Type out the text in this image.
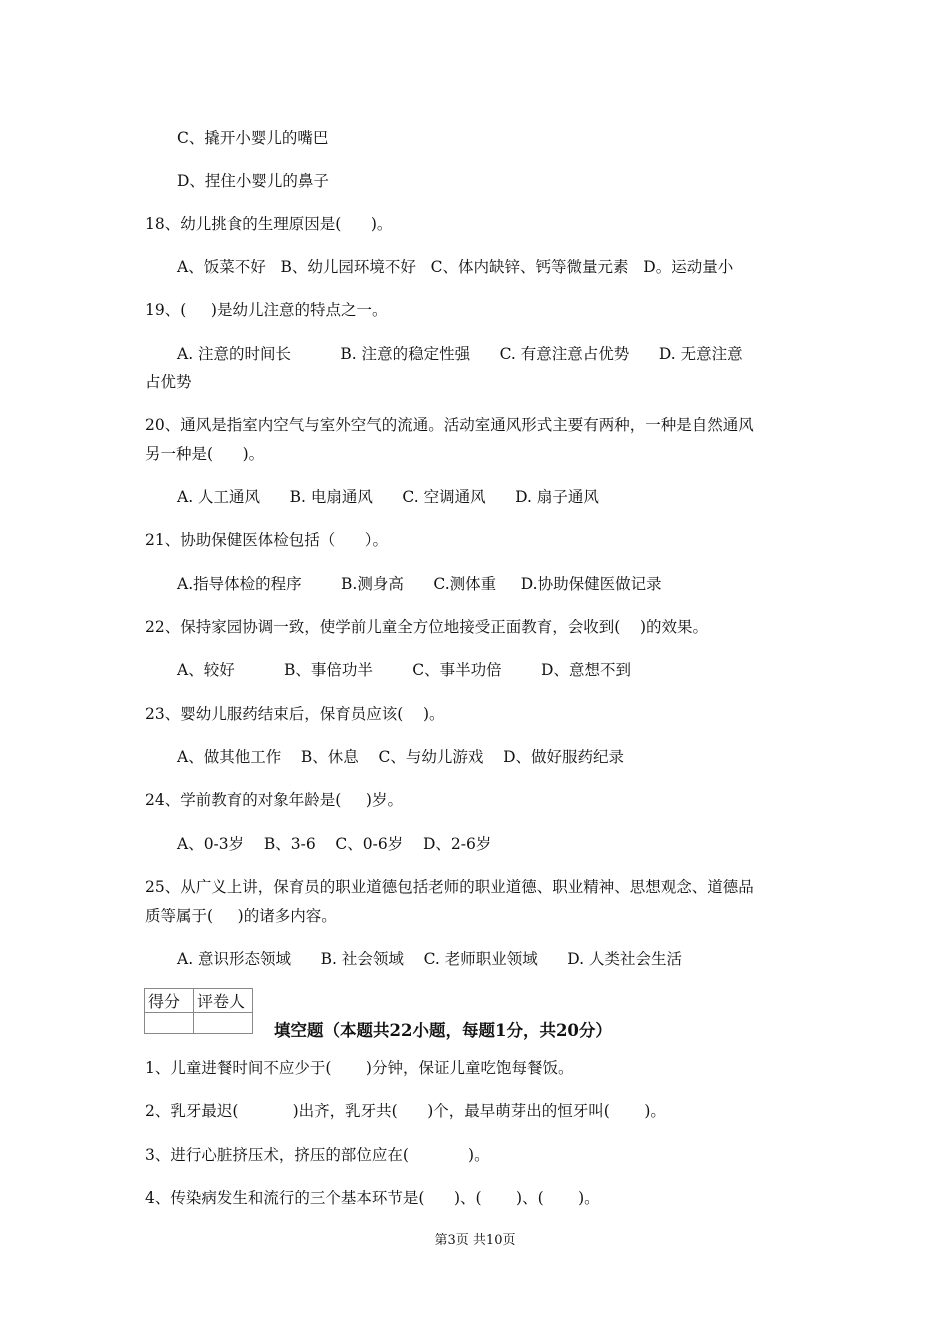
C、撬开小婴儿的嘴巴
D、捏住小婴儿的鼻子
18、幼儿挑食的生理原因是(      )。
A、饭菜不好   B、幼儿园环境不好   C、体内缺锌、钙等微量元素   D。运动量小
19、(     )是幼儿注意的特点之一。
A. 注意的时间长          B. 注意的稳定性强      C. 有意注意占优势      D. 无意注意
占优势
20、通风是指室内空气与室外空气的流通。活动室通风形式主要有两种，一种是自然通风
另一种是(      )。
A. 人工通风      B. 电扇通风      C. 空调通风      D. 扇子通风
21、协助保健医体检包括（      ）。
A.指导体检的程序        B.测身高      C.测体重     D.协助保健医做记录
22、保持家园协调一致，使学前儿童全方位地接受正面教育，会收到(    )的效果。
A、较好          B、事倍功半        C、事半功倍        D、意想不到
23、婴幼儿服药结束后，保育员应该(    )。
A、做其他工作    B、休息    C、与幼儿游戏    D、做好服药纪录
24、学前教育的对象年龄是(     )岁。
A、0-3岁    B、3-6    C、0-6岁    D、2-6岁
25、从广义上讲，保育员的职业道德包括老师的职业道德、职业精神、思想观念、道德品
质等属于(     )的诸多内容。
A. 意识形态领域      B. 社会领域    C. 老师职业领域      D. 人类社会生活
1、儿童进餐时间不应少于(       )分钟，保证儿童吃饱每餐饭。
2、乳牙最迟(           )出齐，乳牙共(      )个，最早萌芽出的恒牙叫(       )。
3、进行心脏挤压术，挤压的部位应在(            )。
4、传染病发生和流行的三个基本环节是(      )、(       )、(       )。
得分	评卷人

填空题（本题共22小题，每题1分，共20分）
第3页 共10页
